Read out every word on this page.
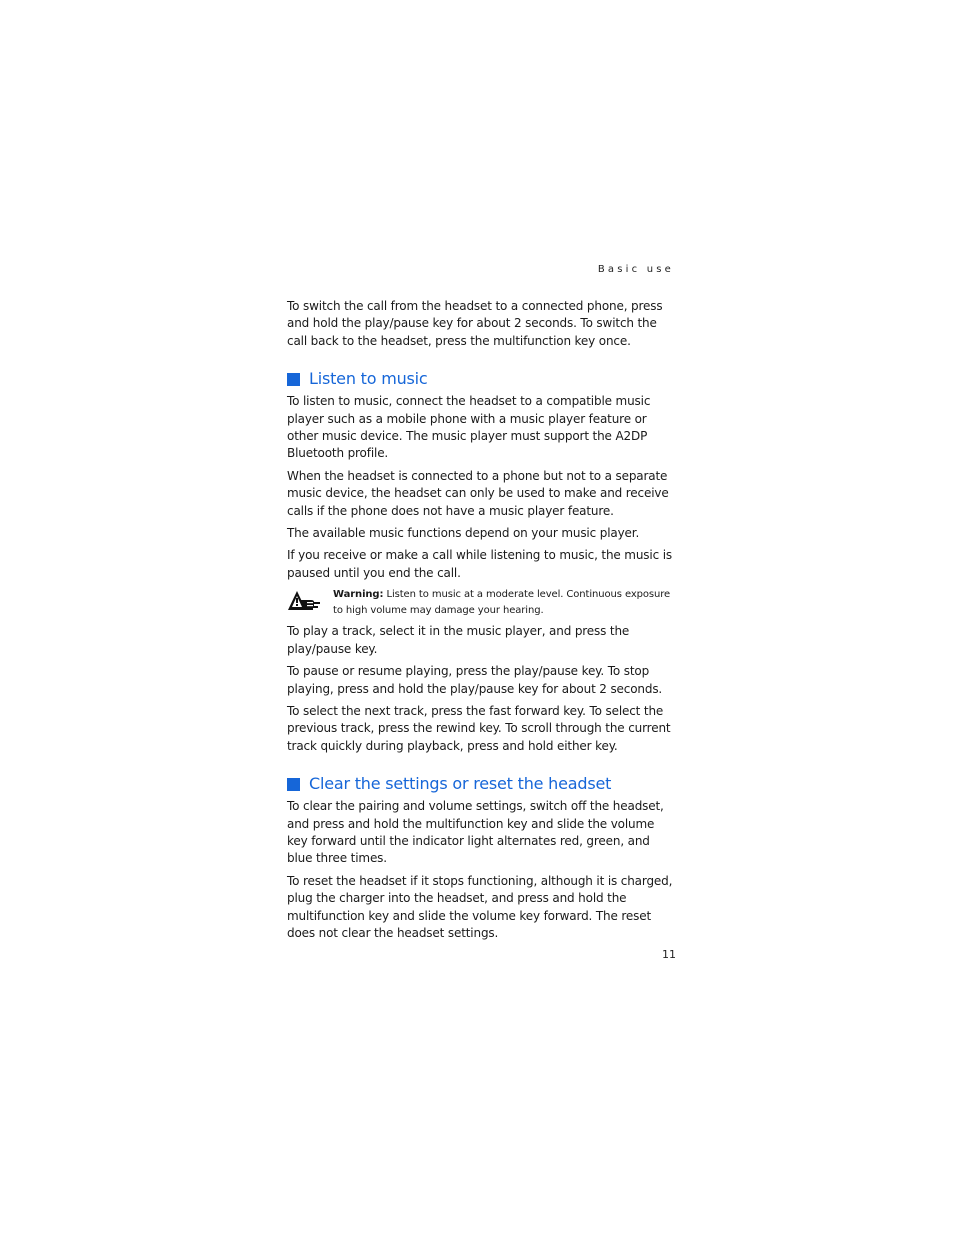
Basic use

To switch the call from the headset to a connected phone, press and hold the play/pause key for about 2 seconds. To switch the call back to the headset, press the multifunction key once.

Listen to music

To listen to music, connect the headset to a compatible music player such as a mobile phone with a music player feature or other music device. The music player must support the A2DP Bluetooth profile.

When the headset is connected to a phone but not to a separate music device, the headset can only be used to make and receive calls if the phone does not have a music player feature.

The available music functions depend on your music player.

If you receive or make a call while listening to music, the music is paused until you end the call.

Warning: Listen to music at a moderate level. Continuous exposure to high volume may damage your hearing.

To play a track, select it in the music player, and press the play/pause key.

To pause or resume playing, press the play/pause key. To stop playing, press and hold the play/pause key for about 2 seconds.

To select the next track, press the fast forward key. To select the previous track, press the rewind key. To scroll through the current track quickly during playback, press and hold either key.

Clear the settings or reset the headset

To clear the pairing and volume settings, switch off the headset, and press and hold the multifunction key and slide the volume key forward until the indicator light alternates red, green, and blue three times.

To reset the headset if it stops functioning, although it is charged, plug the charger into the headset, and press and hold the multifunction key and slide the volume key forward. The reset does not clear the headset settings.

11
